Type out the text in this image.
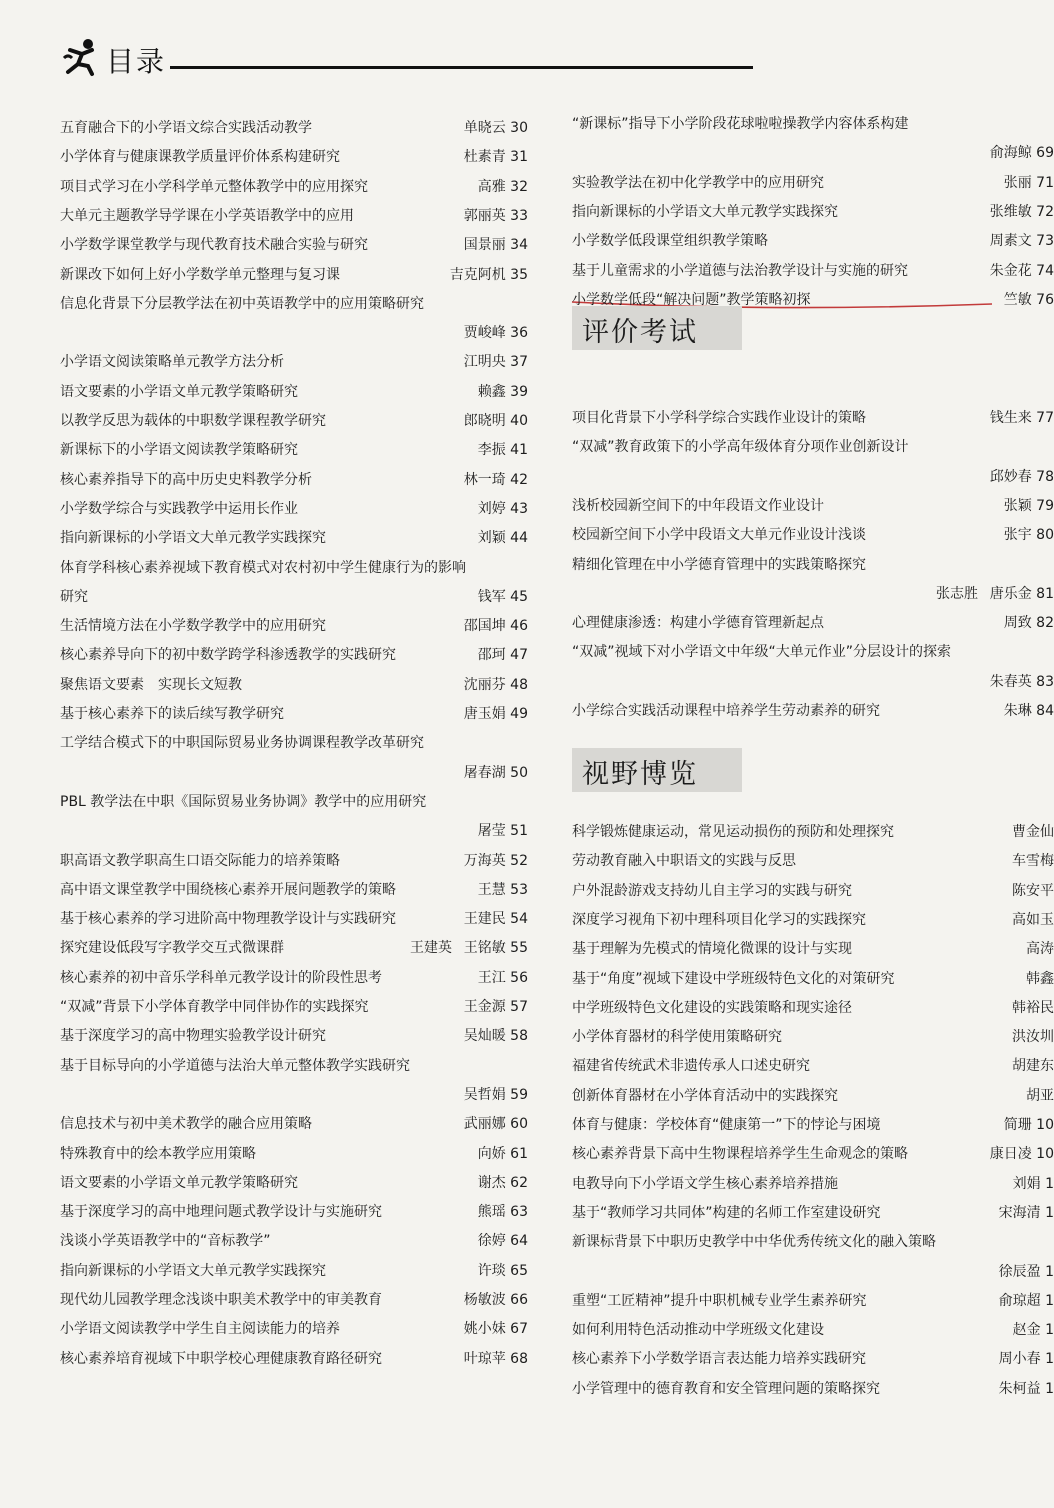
目录
五育融合下的小学语文综合实践活动教学	单晓云 30
小学体育与健康课教学质量评价体系构建研究	杜素青 31
项目式学习在小学科学单元整体教学中的应用探究	高雅 32
大单元主题教学导学课在小学英语教学中的应用	郭丽英 33
小学数学课堂教学与现代教育技术融合实验与研究	国景丽 34
新课改下如何上好小学数学单元整理与复习课	吉克阿机 35
信息化背景下分层教学法在初中英语教学中的应用策略研究
贾峻峰 36
小学语文阅读策略单元教学方法分析	江明央 37
语文要素的小学语文单元教学策略研究	赖鑫 39
以教学反思为载体的中职数学课程教学研究	郎晓明 40
新课标下的小学语文阅读教学策略研究	李振 41
核心素养指导下的高中历史史料教学分析	林一琦 42
小学数学综合与实践教学中运用长作业	刘婷 43
指向新课标的小学语文大单元教学实践探究	刘颖 44
体育学科核心素养视域下教育模式对农村初中学生健康行为的影响
研究	钱军 45
生活情境方法在小学数学教学中的应用研究	邵国坤 46
核心素养导向下的初中数学跨学科渗透教学的实践研究	邵珂 47
聚焦语文要素　实现长文短教	沈丽芬 48
基于核心素养下的读后续写教学研究	唐玉娟 49
工学结合模式下的中职国际贸易业务协调课程教学改革研究
屠春湖 50
PBL 教学法在中职《国际贸易业务协调》教学中的应用研究
屠莹 51
职高语文教学职高生口语交际能力的培养策略	万海英 52
高中语文课堂教学中围绕核心素养开展问题教学的策略	王慧 53
基于核心素养的学习进阶高中物理教学设计与实践研究	王建民 54
探究建设低段写字教学交互式微课群	王建英 王铭敏 55
核心素养的初中音乐学科单元教学设计的阶段性思考	王江 56
“双减”背景下小学体育教学中同伴协作的实践探究	王金源 57
基于深度学习的高中物理实验教学设计研究	吴灿暖 58
基于目标导向的小学道德与法治大单元整体教学实践研究
吴哲娟 59
信息技术与初中美术教学的融合应用策略	武丽娜 60
特殊教育中的绘本教学应用策略	向娇 61
语文要素的小学语文单元教学策略研究	谢杰 62
基于深度学习的高中地理问题式教学设计与实施研究	熊瑶 63
浅谈小学英语教学中的“音标教学”	徐婷 64
指向新课标的小学语文大单元教学实践探究	许琰 65
现代幼儿园教学理念浅谈中职美术教学中的审美教育	杨敏波 66
小学语文阅读教学中学生自主阅读能力的培养	姚小妹 67
核心素养培育视域下中职学校心理健康教育路径研究	叶琼苹 68
评价考试
视野博览
“新课标”指导下小学阶段花球啦啦操教学内容体系构建
俞海鲸 69
实验教学法在初中化学教学中的应用研究	张丽 71
指向新课标的小学语文大单元教学实践探究	张维敏 72
小学数学低段课堂组织教学策略	周素文 73
基于儿童需求的小学道德与法治教学设计与实施的研究	朱金花 74
小学数学低段“解决问题”教学策略初探	竺敏 76
项目化背景下小学科学综合实践作业设计的策略	钱生来 77
“双减”教育政策下的小学高年级体育分项作业创新设计
邱妙春 78
浅析校园新空间下的中年段语文作业设计	张颖 79
校园新空间下小学中段语文大单元作业设计浅谈	张宇 80
精细化管理在中小学德育管理中的实践策略探究
张志胜 唐乐金 81
心理健康渗透：构建小学德育管理新起点	周致 82
“双减”视域下对小学语文中年级“大单元作业”分层设计的探索
朱春英 83
小学综合实践活动课程中培养学生劳动素养的研究	朱琳 84
科学锻炼健康运动，常见运动损伤的预防和处理探究	曹金仙
劳动教育融入中职语文的实践与反思	车雪梅
户外混龄游戏支持幼儿自主学习的实践与研究	陈安平
深度学习视角下初中理科项目化学习的实践探究	高如玉
基于理解为先模式的情境化微课的设计与实现	高涛
基于“角度”视域下建设中学班级特色文化的对策研究	韩鑫
中学班级特色文化建设的实践策略和现实途径	韩裕民
小学体育器材的科学使用策略研究	洪汝圳
福建省传统武术非遗传承人口述史研究	胡建东
创新体育器材在小学体育活动中的实践探究	胡亚
体育与健康：学校体育“健康第一”下的悖论与困境	简珊 10
核心素养背景下高中生物课程培养学生生命观念的策略	康日凌 10
电教导向下小学语文学生核心素养培养措施	刘娟 1
基于“教师学习共同体”构建的名师工作室建设研究	宋海清 1
新课标背景下中职历史教学中中华优秀传统文化的融入策略
徐辰盈 1
重塑“工匠精神”提升中职机械专业学生素养研究	俞琼超 1
如何利用特色活动推动中学班级文化建设	赵金 1
核心素养下小学数学语言表达能力培养实践研究	周小春 1
小学管理中的德育教育和安全管理问题的策略探究	朱柯益 1
